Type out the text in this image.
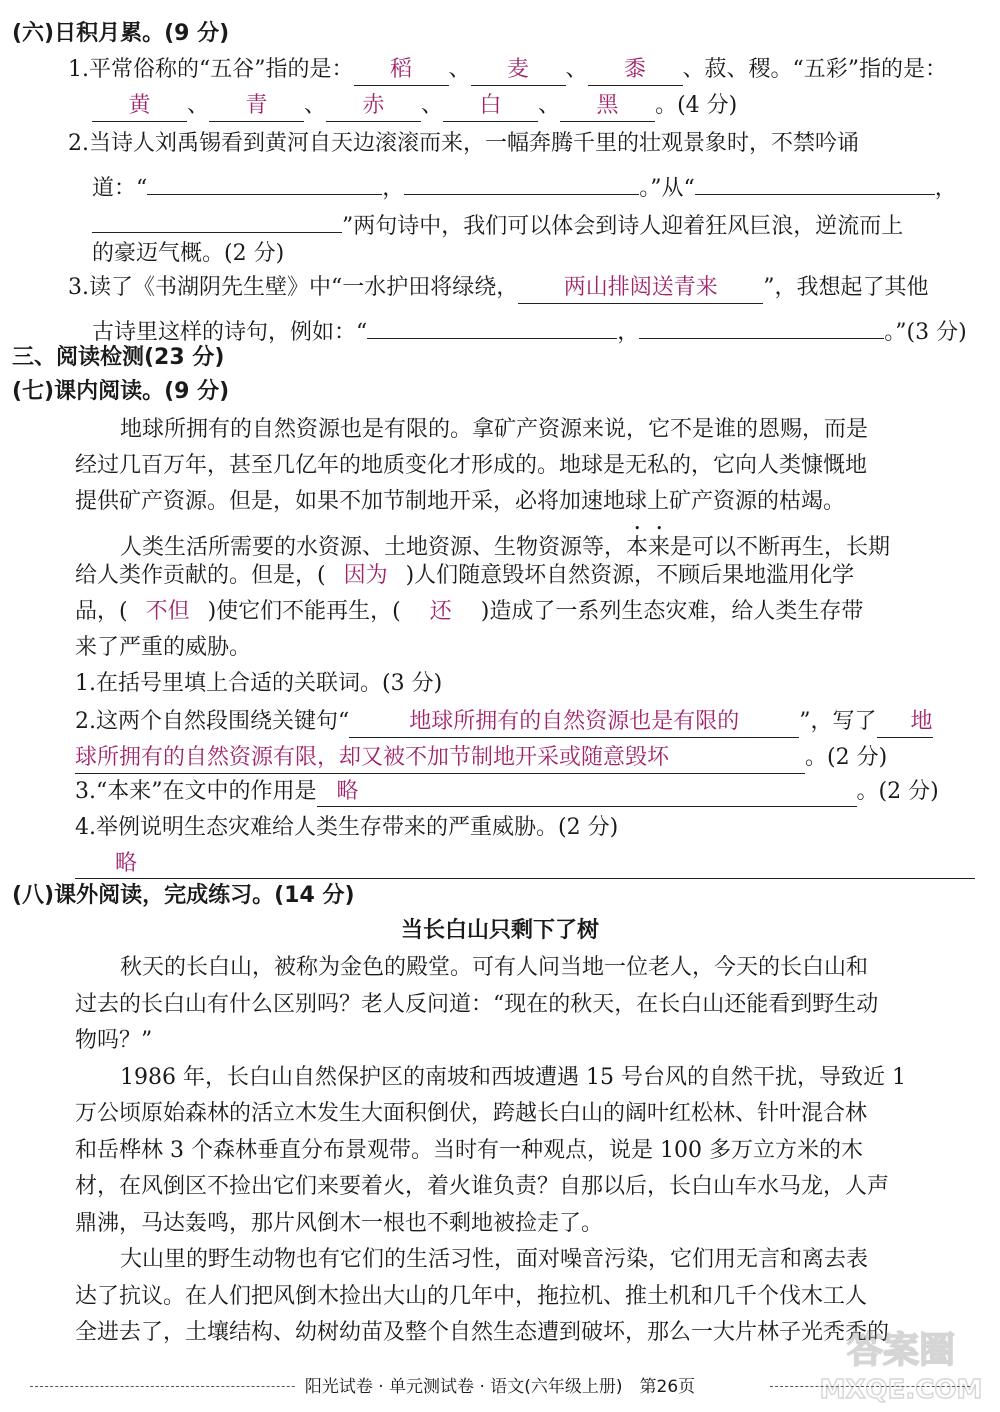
(六)日积月累。(9 分)
1.平常俗称的“五谷”指的是： 稻 、 麦 、 黍 、菽、稷。“五彩”指的是：
黄 、 青 、 赤 、 白 、 黑 。(4 分)
2.当诗人刘禹锡看到黄河自天边滚滚而来，一幅奔腾千里的壮观景象时，不禁吟诵
道：“	，	。”从“	，
”两句诗中，我们可以体会到诗人迎着狂风巨浪，逆流而上
的豪迈气概。(2 分)
3.读了《书湖阴先生壁》中“一水护田将绿绕， 两山排闼送青来 ”，我想起了其他
古诗里这样的诗句，例如：“	，	。”(3 分)
三、阅读检测(23 分)
(七)课内阅读。(9 分)
地球所拥有的自然资源也是有限的。拿矿产资源来说，它不是谁的恩赐，而是
经过几百万年，甚至几亿年的地质变化才形成的。地球是无私的，它向人类慷慨地
提供矿产资源。但是，如果不加节制地开采，必将加速地球上矿产资源的枯竭。
人类生活所需要的水资源、土地资源、生物资源等，本来是可以不断再生，长期
给人类作贡献的。但是，( 因为 )人们随意毁坏自然资源，不顾后果地滥用化学
品，( 不但 )使它们不能再生，( 还 )造成了一系列生态灾难，给人类生存带
来了严重的威胁。
1.在括号里填上合适的关联词。(3 分)
2.这两个自然段围绕关键句“	地球所拥有的自然资源也是有限的	”，写了 地
球所拥有的自然资源有限，却又被不加节制地开采或随意毁坏	。(2 分)
3.“本来”在文中的作用是 略	。(2 分)
4.举例说明生态灾难给人类生存带来的严重威胁。(2 分)
略
(八)课外阅读，完成练习。(14 分)
当长白山只剩下了树
秋天的长白山，被称为金色的殿堂。可有人问当地一位老人，今天的长白山和
过去的长白山有什么区别吗？老人反问道：“现在的秋天，在长白山还能看到野生动
物吗？”
1986 年，长白山自然保护区的南坡和西坡遭遇 15 号台风的自然干扰，导致近 1
万公顷原始森林的活立木发生大面积倒伏，跨越长白山的阔叶红松林、针叶混合林
和岳桦林 3 个森林垂直分布景观带。当时有一种观点，说是 100 多万立方米的木
材，在风倒区不捡出它们来要着火，着火谁负责？自那以后，长白山车水马龙，人声
鼎沸，马达轰鸣，那片风倒木一根也不剩地被捡走了。
大山里的野生动物也有它们的生活习性，面对噪音污染，它们用无言和离去表
达了抗议。在人们把风倒木捡出大山的几年中，拖拉机、推土机和几千个伐木工人
全进去了，土壤结构、幼树幼苗及整个自然生态遭到破坏，那么一大片林子光秃秃的
阳光试卷 · 单元测试卷 · 语文(六年级上册)　第26页
答案圈
MXQE.COM
